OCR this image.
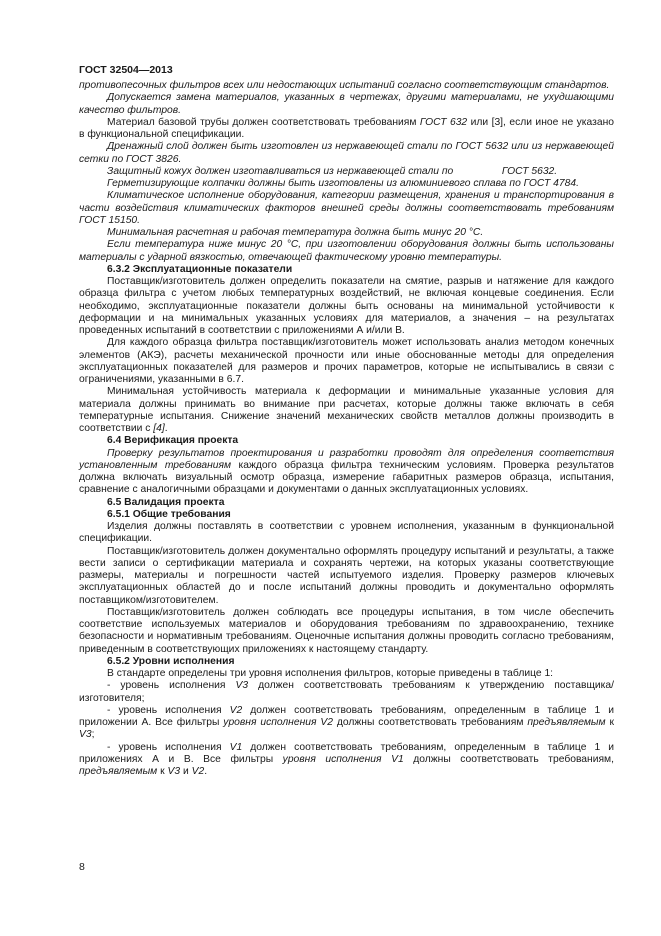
ГОСТ 32504—2013

противопесочных фильтров всех или недостающих испытаний согласно соответствующим стандартов.

Допускается замена материалов, указанных в чертежах, другими материалами, не ухудшающими качество фильтров.

Материал базовой трубы должен соответствовать требованиям ГОСТ 632 или [3], если иное не указано в функциональной спецификации.

Дренажный слой должен быть изготовлен из нержавеющей стали по ГОСТ 5632 или из нержавеющей сетки по ГОСТ 3826.

Защитный кожух должен изготавливаться из нержавеющей стали по                 ГОСТ 5632.

Герметизирующие колпачки должны быть изготовлены из алюминиевого сплава по ГОСТ 4784.

Климатическое исполнение оборудования, категории размещения, хранения и транспортирования в части воздействия климатических факторов внешней среды должны соответствовать требованиям ГОСТ 15150.

Минимальная расчетная и рабочая температура должна быть минус 20 °С.

Если температура ниже минус 20 °С, при изготовлении оборудования должны быть использованы материалы с ударной вязкостью, отвечающей фактическому уровню температуры.

6.3.2 Эксплуатационные показатели

Поставщик/изготовитель должен определить показатели на смятие, разрыв и натяжение для каждого образца фильтра с учетом любых температурных воздействий, не включая концевые соединения. Если необходимо, эксплуатационные показатели должны быть основаны на минимальной устойчивости к деформации и на минимальных указанных условиях для материалов, а значения – на результатах проведенных испытаний в соответствии с приложениями А и/или В.

Для каждого образца фильтра поставщик/изготовитель может использовать анализ методом конечных элементов (АКЭ), расчеты механической прочности или иные обоснованные методы для определения эксплуатационных показателей для размеров и прочих параметров, которые не испытывались в связи с ограничениями, указанными в 6.7.

Минимальная устойчивость материала к деформации и минимальные указанные условия для материала должны принимать во внимание при расчетах, которые должны также включать в себя температурные испытания. Снижение значений механических свойств металлов должны производить в соответствии с [4].

6.4 Верификация проекта

Проверку результатов проектирования и разработки проводят для определения соответствия установленным требованиям каждого образца фильтра техническим условиям. Проверка результатов должна включать визуальный осмотр образца, измерение габаритных размеров образца, испытания, сравнение с аналогичными образцами и документами о данных эксплуатационных условиях.

6.5 Валидация проекта

6.5.1 Общие требования

Изделия должны поставлять в соответствии с уровнем исполнения, указанным в функциональной спецификации.

Поставщик/изготовитель должен документально оформлять процедуру испытаний и результаты, а также вести записи о сертификации материала и сохранять чертежи, на которых указаны соответствующие размеры, материалы и погрешности частей испытуемого изделия. Проверку размеров ключевых эксплуатационных областей до и после испытаний должны проводить и документально оформлять поставщиком/изготовителем.

Поставщик/изготовитель должен соблюдать все процедуры испытания, в том числе обеспечить соответствие используемых материалов и оборудования требованиям по здравоохранению, технике безопасности и нормативным требованиям. Оценочные испытания должны проводить согласно требованиям, приведенным в соответствующих приложениях к настоящему стандарту.

6.5.2 Уровни исполнения

В стандарте определены три уровня исполнения фильтров, которые приведены в таблице 1:

- уровень исполнения V3 должен соответствовать требованиям к утверждению поставщика/изготовителя;

- уровень исполнения V2 должен соответствовать требованиям, определенным в таблице 1 и приложении А. Все фильтры уровня исполнения V2 должны соответствовать требованиям предъявляемым к V3;

- уровень исполнения V1 должен соответствовать требованиям, определенным в таблице 1 и приложениях А и В. Все фильтры уровня исполнения V1 должны соответствовать требованиям, предъявляемым к V3 и V2.

8
